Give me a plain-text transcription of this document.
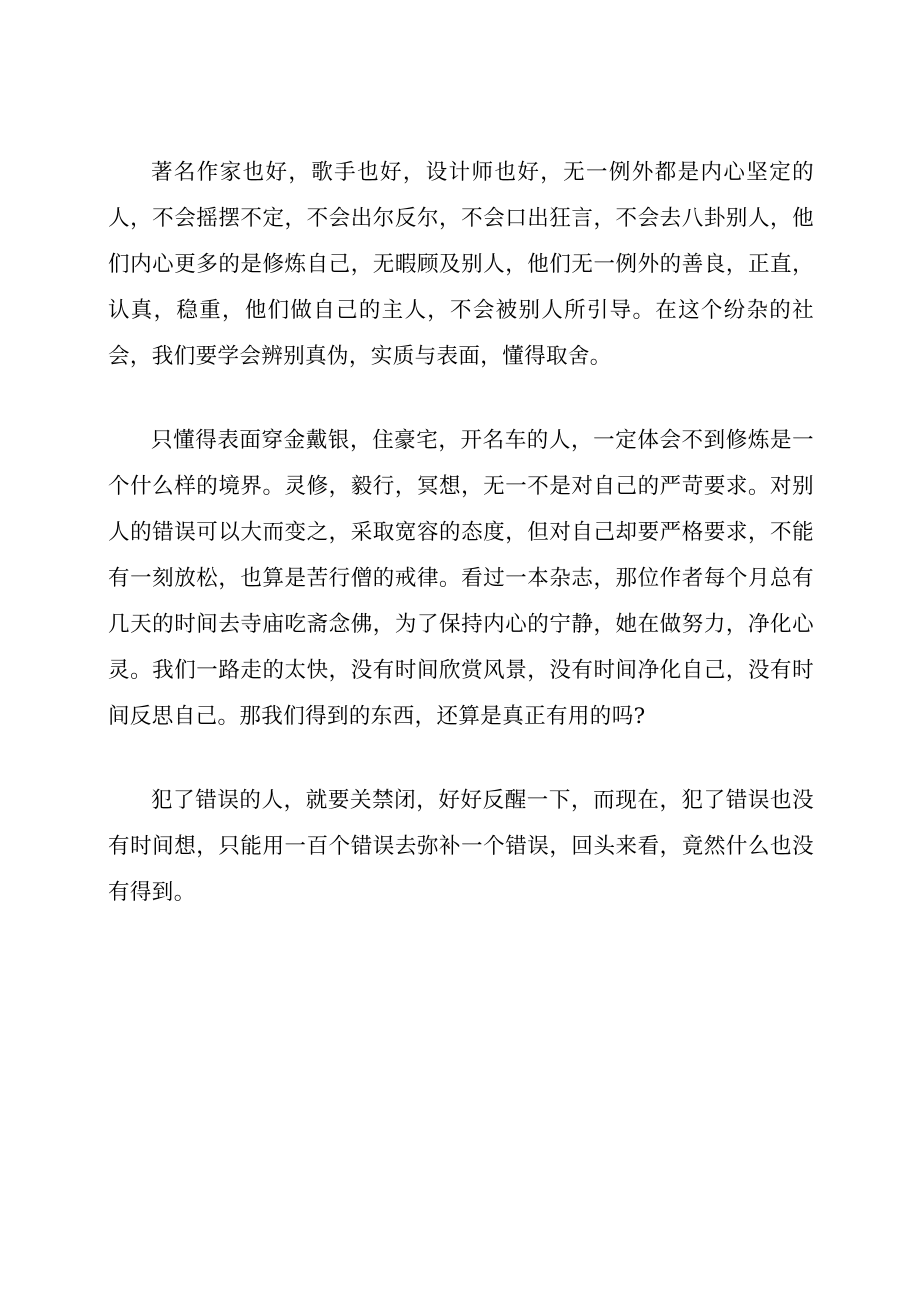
著名作家也好，歌手也好，设计师也好，无一例外都是内心坚定的人，不会摇摆不定，不会出尔反尔，不会口出狂言，不会去八卦别人，他们内心更多的是修炼自己，无暇顾及别人，他们无一例外的善良，正直，认真，稳重，他们做自己的主人，不会被别人所引导。在这个纷杂的社会，我们要学会辨别真伪，实质与表面，懂得取舍。

只懂得表面穿金戴银，住豪宅，开名车的人，一定体会不到修炼是一个什么样的境界。灵修，毅行，冥想，无一不是对自己的严苛要求。对别人的错误可以大而变之，采取宽容的态度，但对自己却要严格要求，不能有一刻放松，也算是苦行僧的戒律。看过一本杂志，那位作者每个月总有几天的时间去寺庙吃斋念佛，为了保持内心的宁静，她在做努力，净化心灵。我们一路走的太快，没有时间欣赏风景，没有时间净化自己，没有时间反思自己。那我们得到的东西，还算是真正有用的吗?

犯了错误的人，就要关禁闭，好好反醒一下，而现在，犯了错误也没有时间想，只能用一百个错误去弥补一个错误，回头来看，竟然什么也没有得到。
